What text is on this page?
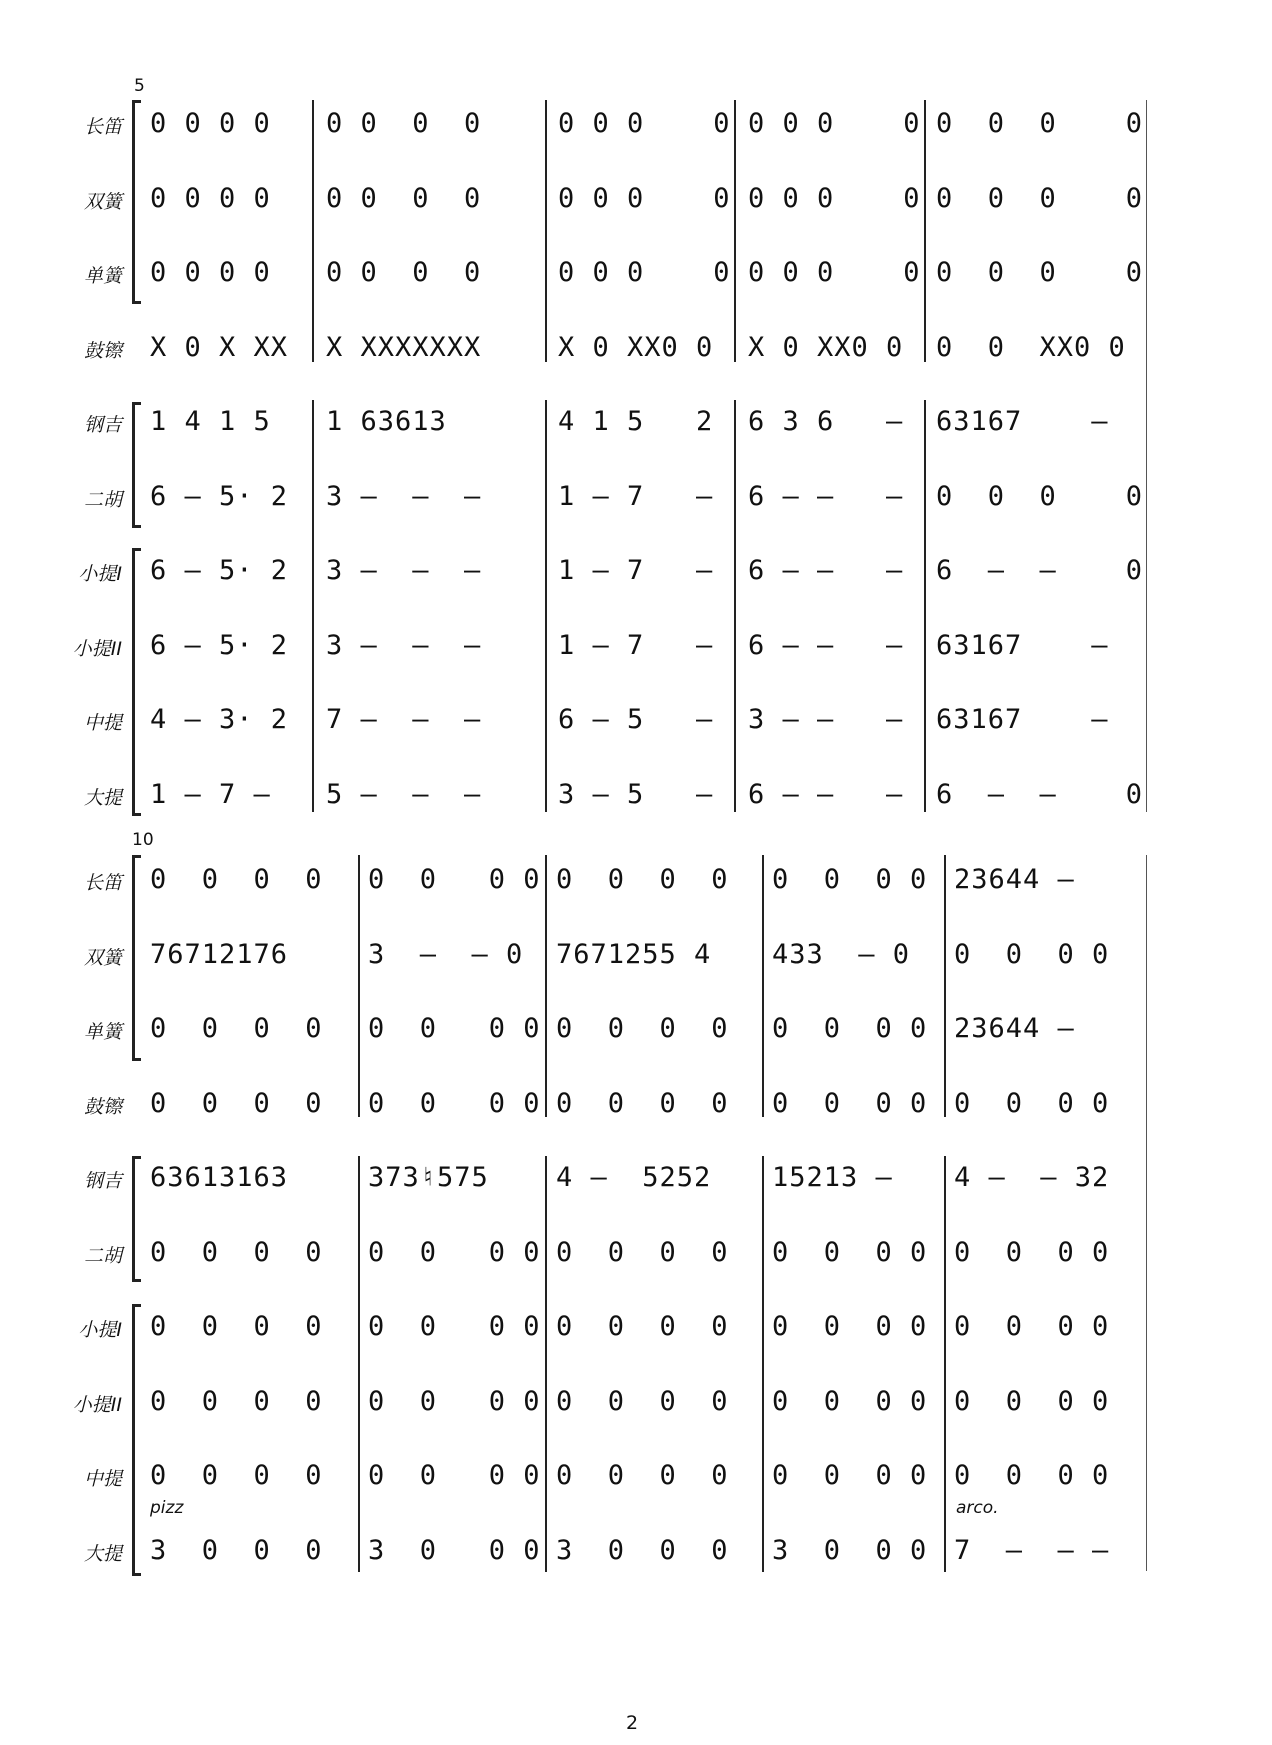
5
长笛 0 0 0 0 0 0  0  0	0 0 0    0 0 0 0    0 0  0  0    0
双簧 0 0 0 0 0 0  0  0	0 0 0    0 0 0 0    0 0  0  0    0
单簧 0 0 0 0 0 0  0  0	0 0 0    0 0 0 0    0 0  0  0    0
鼓镲 X 0 X XX X XXXXXXX	X 0 XX0 0 X 0 XX0 0 0  0  XX0 0
钢吉 1 4 1 5 1 63613	4 1 5   2 6 3 6   — 63167    —
二胡 6 — 5· 2 3 —  —  —	1 — 7   — 6 — —   — 0  0  0    0
小提I 6 — 5· 2 3 —  —  —	1 — 7   — 6 — —   — 6  —  —    0
小提II 6 — 5· 2 3 —  —  —	1 — 7   — 6 — —   — 63167    —
中提 4 — 3· 2 7 —  —  —	6 — 5   — 3 — —   — 63167    —
大提 1 — 7 — 5 —  —  —	3 — 5   — 6 — —   — 6  —  —    0
10
pizz	arco.
长笛 0  0  0  0 0  0   0 0 0  0  0  0 0  0  0 0 23644 —
双簧 76712176	3  —  — 0 7671255 4 433  — 0 0  0  0 0
单簧 0  0  0  0 0  0   0 0 0  0  0  0 0  0  0 0 23644 —
鼓镲 0  0  0  0 0  0   0 0 0  0  0  0 0  0  0 0 0  0  0 0
钢吉 63613163	373♮575 4 —  5252 15213 — 4 —  — 32
二胡 0  0  0  0 0  0   0 0 0  0  0  0 0  0  0 0 0  0  0 0
小提I 0  0  0  0 0  0   0 0 0  0  0  0 0  0  0 0 0  0  0 0
小提II 0  0  0  0 0  0   0 0 0  0  0  0 0  0  0 0 0  0  0 0
中提 0  0  0  0 0  0   0 0 0  0  0  0 0  0  0 0 0  0  0 0
大提 3  0  0  0 3  0   0 0 3  0  0  0 3  0  0 0 7  —  — —
2
